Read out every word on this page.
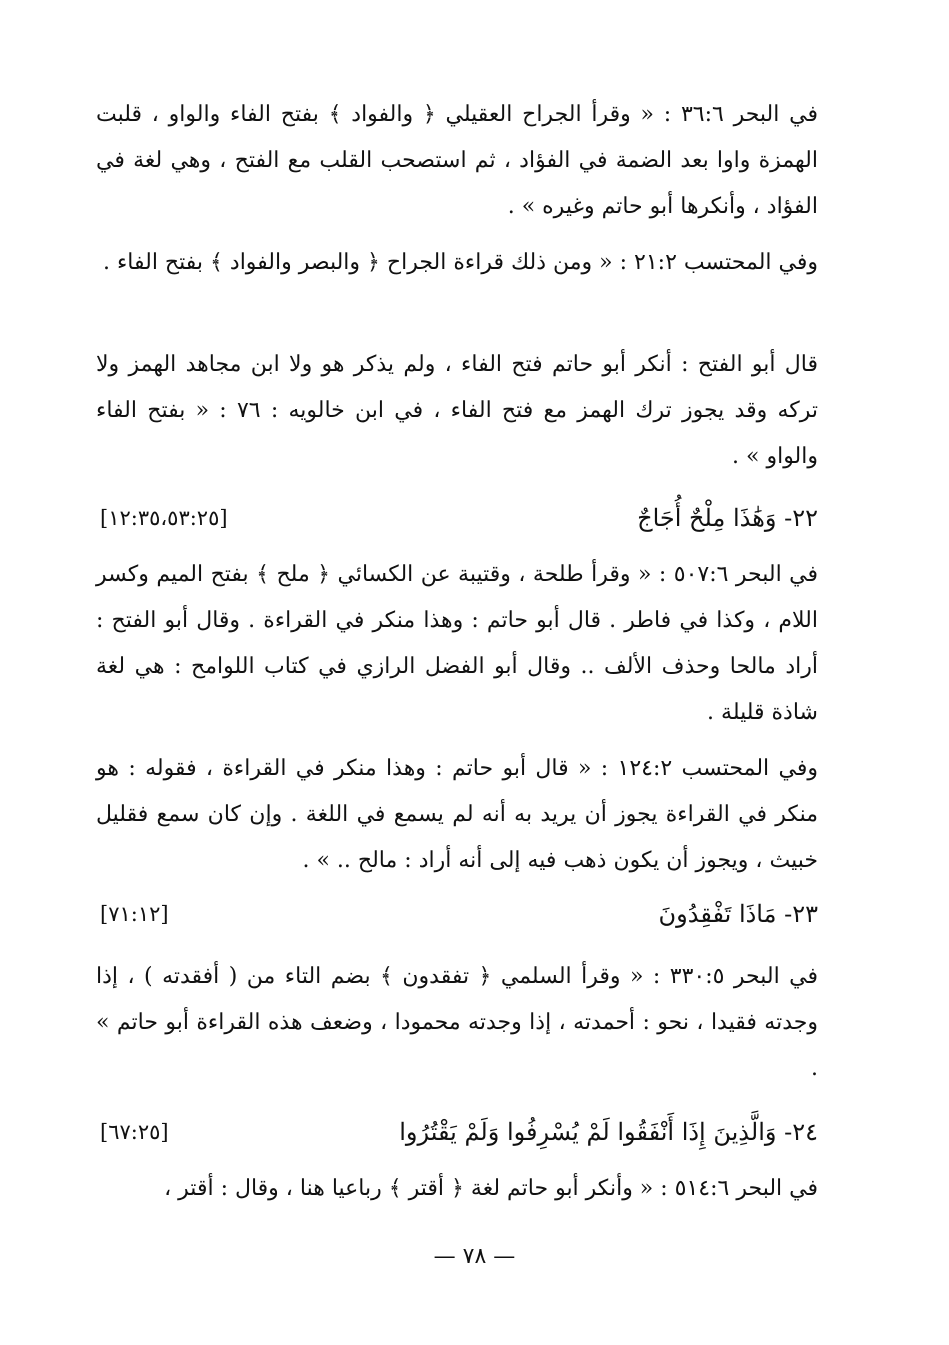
في البحر ٣٦:٦ : « وقرأ الجراح العقيلي ﴿ والفواد ﴾ بفتح الفاء والواو ، قلبت الهمزة واوا بعد الضمة في الفؤاد ، ثم استصحب القلب مع الفتح ، وهي لغة في الفؤاد ، وأنكرها أبو حاتم وغيره » .

وفي المحتسب ٢١:٢ : « ومن ذلك قراءة الجراح ﴿ والبصر والفواد ﴾ بفتح الفاء .

قال أبو الفتح : أنكر أبو حاتم فتح الفاء ، ولم يذكر هو ولا ابن مجاهد الهمز ولا تركه وقد يجوز ترك الهمز مع فتح الفاء ، في ابن خالويه : ٧٦ : « بفتح الفاء والواو » .

٢٢- وَهَٰذَا مِلْحٌ أُجَاجٌ
[١٢:٣٥،٥٣:٢٥]

في البحر ٥٠٧:٦ : « وقرأ طلحة ، وقتيبة عن الكسائي ﴿ ملح ﴾ بفتح الميم وكسر اللام ، وكذا في فاطر . قال أبو حاتم : وهذا منكر في القراءة . وقال أبو الفتح : أراد مالحا وحذف الألف .. وقال أبو الفضل الرازي في كتاب اللوامح : هي لغة شاذة قليلة .

وفي المحتسب ١٢٤:٢ : « قال أبو حاتم : وهذا منكر في القراءة ، فقوله : هو منكر في القراءة يجوز أن يريد به أنه لم يسمع في اللغة . وإن كان سمع فقليل خبيث ، ويجوز أن يكون ذهب فيه إلى أنه أراد : مالح .. » .

٢٣- مَاذَا تَفْقِدُونَ
[٧١:١٢]

في البحر ٣٣٠:٥ : « وقرأ السلمي ﴿ تفقدون ﴾ بضم التاء من ( أفقدته ) ، إذا وجدته فقيدا ، نحو : أحمدته ، إذا وجدته محمودا ، وضعف هذه القراءة أبو حاتم » .

٢٤- وَالَّذِينَ إِذَا أَنْفَقُوا لَمْ يُسْرِفُوا وَلَمْ يَقْتُرُوا
[٦٧:٢٥]

في البحر ٥١٤:٦ : « وأنكر أبو حاتم لغة ﴿ أقتر ﴾ رباعيا هنا ، وقال : أقتر ،

— ٧٨ —
